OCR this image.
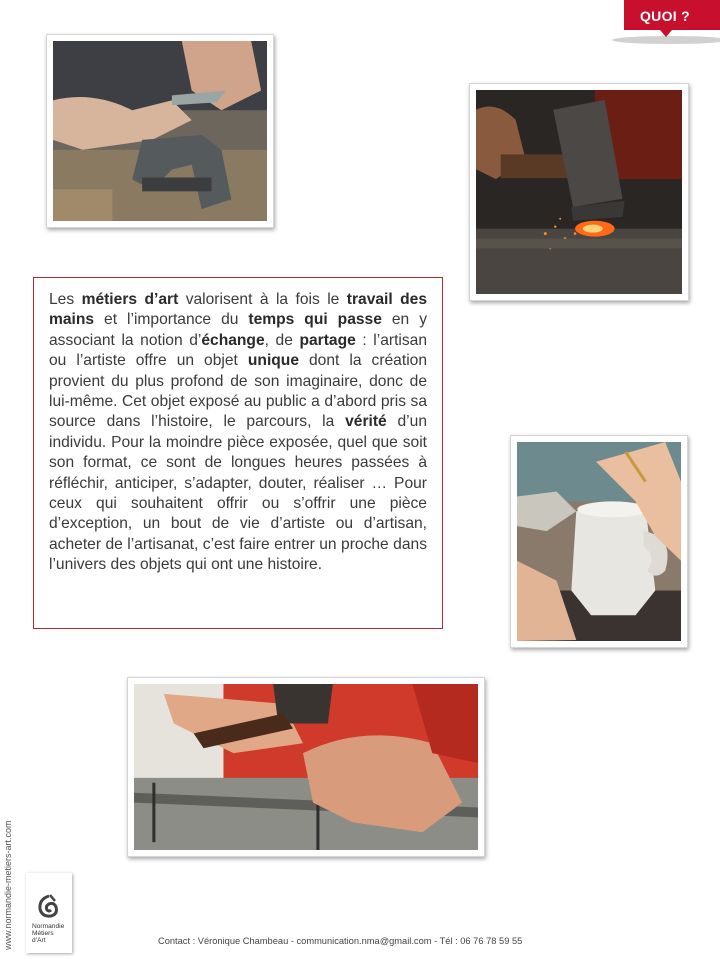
QUOI ?

Les métiers d’art valorisent à la fois le travail des mains et l’importance du temps qui passe en y associant la notion d’échange, de partage : l’artisan ou l’artiste offre un objet unique dont la création provient du plus profond de son imaginaire, donc de lui-même. Cet objet exposé au public a d’abord pris sa source dans l’histoire, le parcours, la vérité d’un individu. Pour la moindre pièce exposée, quel que soit son format, ce sont de longues heures passées à réfléchir, anticiper, s’adapter, douter, réaliser … Pour ceux qui souhaitent offrir ou s’offrir une pièce d’exception, un bout de vie d’artiste ou d’artisan, acheter de l’artisanat, c’est faire entrer un proche dans l’univers des objets qui ont une histoire.

www.normandie-metiers-art.com	Normandie
Métiers
d’Art	Contact : Véronique Chambeau - communication.nma@gmail.com - Tél : 06 76 78 59 55
